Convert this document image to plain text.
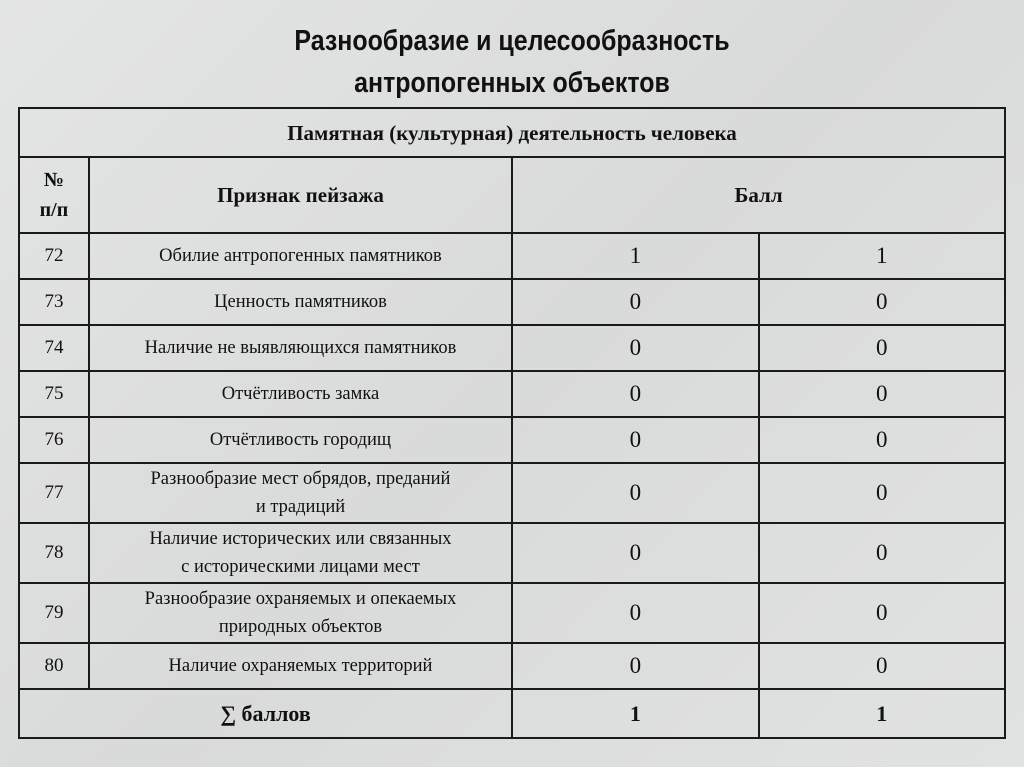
Разнообразие и целесообразность
антропогенных объектов
Памятная (культурная) деятельность человека			

№
п/п	Признак пейзажа	Балл	
72	Обилие антропогенных памятников	1	1
73	Ценность памятников	0	0
74	Наличие не выявляющихся памятников	0	0
75	Отчётливость замка	0	0
76	Отчётливость городищ	0	0
77	Разнообразие мест обрядов, преданий
и традиций	0	0
78	Наличие исторических или связанных
с историческими лицами мест	0	0
79	Разнообразие охраняемых и опекаемых
природных объектов	0	0
80	Наличие охраняемых территорий	0	0
∑ баллов		1	1
